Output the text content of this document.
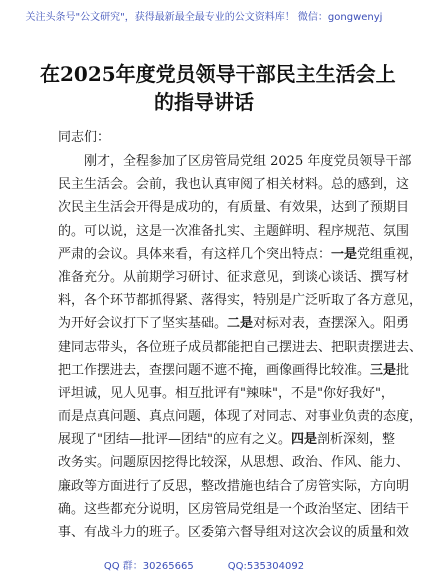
关注头条号"公文研究"，获得最新最全最专业的公文资料库！ 微信：gongwenyj
在2025年度党员领导干部民主生活会上
的指导讲话
同志们：
刚才，全程参加了区房管局党组 2025 年度党员领导干部
民主生活会。会前，我也认真审阅了相关材料。总的感到，这
次民主生活会开得是成功的，有质量、有效果，达到了预期目
的。可以说，这是一次准备扎实、主题鲜明、程序规范、氛围
严肃的会议。具体来看，有这样几个突出特点：一是党组重视，
准备充分。从前期学习研讨、征求意见，到谈心谈话、撰写材
料，各个环节都抓得紧、落得实，特别是广泛听取了各方意见，
为开好会议打下了坚实基础。二是对标对表，查摆深入。阳勇
建同志带头，各位班子成员都能把自己摆进去、把职责摆进去、
把工作摆进去，查摆问题不遮不掩，画像画得比较准。三是批
评坦诚，见人见事。相互批评有"辣味"，不是"你好我好"，
而是点真问题、真点问题，体现了对同志、对事业负责的态度，
展现了"团结—批评—团结"的应有之义。四是剖析深刻，整
改务实。问题原因挖得比较深，从思想、政治、作风、能力、
廉政等方面进行了反思，整改措施也结合了房管实际，方向明
确。这些都充分说明，区房管局党组是一个政治坚定、团结干
事、有战斗力的班子。区委第六督导组对这次会议的质量和效
QQ 群：30265665	QQ:535304092
